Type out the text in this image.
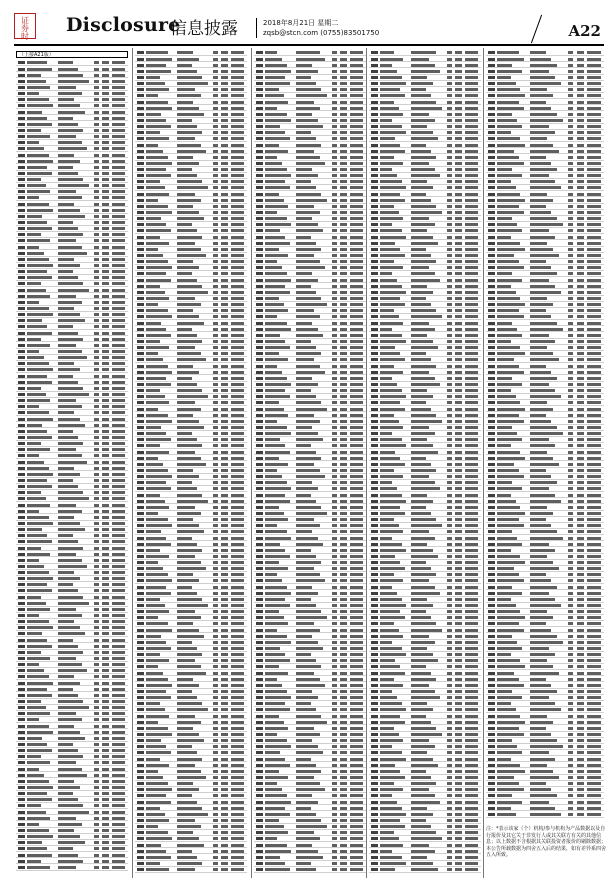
证
券
时
Disclosure
信息披露	2018年8月21日 星期二
zqsb@stcn.com (0755)83501750	A22
（上接A21版）
注：*表示该家（个）机构/参与机构为产品数据以及自行报价及其它关于非发行人或其关联方有关的其他信息；以上数据不含根据其关联投资者报价的剔除数据；本公告所载数据为四舍五入后的结果，如有差异系四舍五入所致。
